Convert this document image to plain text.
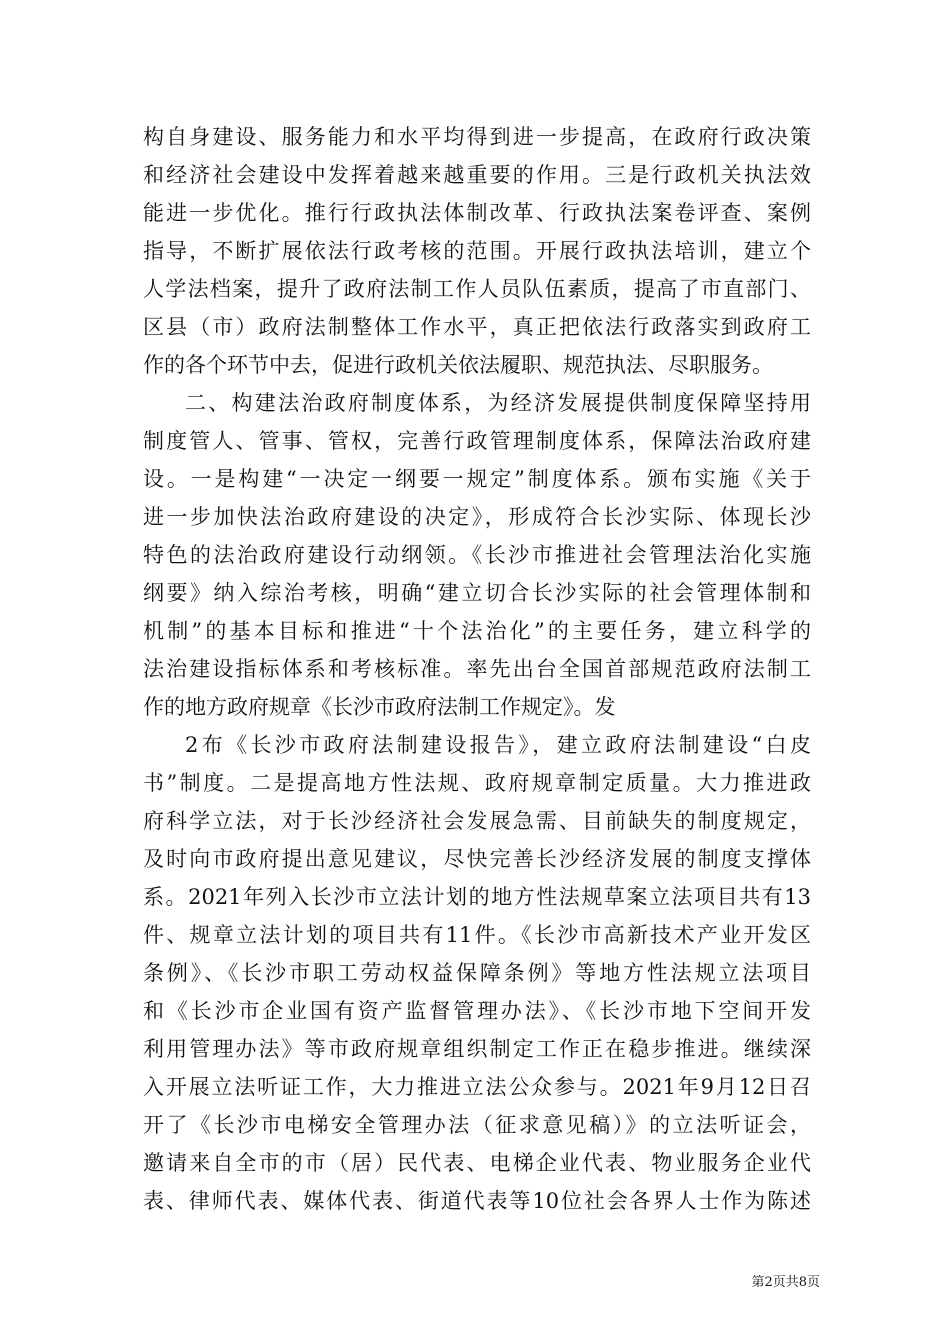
构自身建设、服务能力和水平均得到进一步提高，在政府行政决策
和经济社会建设中发挥着越来越重要的作用。三是行政机关执法效
能进一步优化。推行行政执法体制改革、行政执法案卷评查、案例
指导，不断扩展依法行政考核的范围。开展行政执法培训，建立个
人学法档案，提升了政府法制工作人员队伍素质，提高了市直部门、
区县（市）政府法制整体工作水平，真正把依法行政落实到政府工
作的各个环节中去，促进行政机关依法履职、规范执法、尽职服务。
二、构建法治政府制度体系，为经济发展提供制度保障坚持用
制度管人、管事、管权，完善行政管理制度体系，保障法治政府建
设。一是构建“一决定一纲要一规定”制度体系。颁布实施《关于
进一步加快法治政府建设的决定》，形成符合长沙实际、体现长沙
特色的法治政府建设行动纲领。《长沙市推进社会管理法治化实施
纲要》纳入综治考核，明确“建立切合长沙实际的社会管理体制和
机制”的基本目标和推进“十个法治化”的主要任务，建立科学的
法治建设指标体系和考核标准。率先出台全国首部规范政府法制工
作的地方政府规章《长沙市政府法制工作规定》。发
2布《长沙市政府法制建设报告》，建立政府法制建设“白皮
书”制度。二是提高地方性法规、政府规章制定质量。大力推进政
府科学立法，对于长沙经济社会发展急需、目前缺失的制度规定，
及时向市政府提出意见建议，尽快完善长沙经济发展的制度支撑体
系。2021年列入长沙市立法计划的地方性法规草案立法项目共有13
件、规章立法计划的项目共有11件。《长沙市高新技术产业开发区
条例》、《长沙市职工劳动权益保障条例》等地方性法规立法项目
和《长沙市企业国有资产监督管理办法》、《长沙市地下空间开发
利用管理办法》等市政府规章组织制定工作正在稳步推进。继续深
入开展立法听证工作，大力推进立法公众参与。2021年9月12日召
开了《长沙市电梯安全管理办法（征求意见稿）》的立法听证会，
邀请来自全市的市（居）民代表、电梯企业代表、物业服务企业代
表、律师代表、媒体代表、街道代表等10位社会各界人士作为陈述
第2页共8页
